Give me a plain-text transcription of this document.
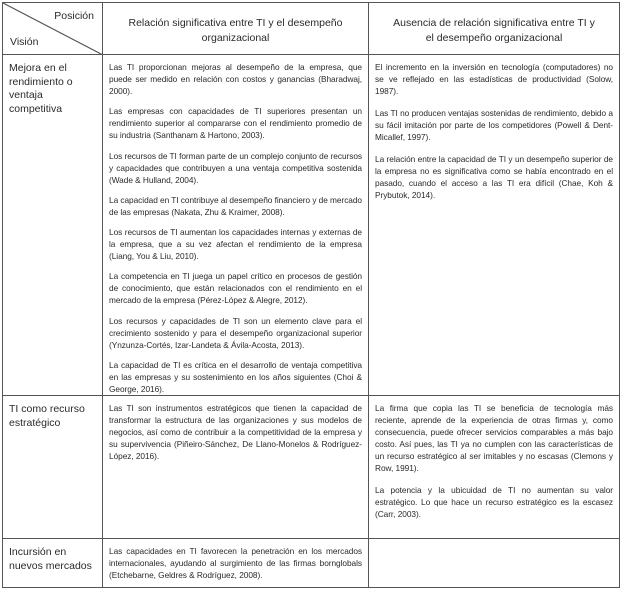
Posición
Visión
Relación significativa entre TI y el desempeño organizacional
Ausencia de relación significativa entre TI y el desempeño organizacional
Mejora en el rendimiento o ventaja competitiva

Las TI proporcionan mejoras al desempeño de la empresa, que puede ser medido en relación con costos y ganancias (Bharadwaj, 2000).

Las empresas con capacidades de TI superiores presentan un rendimiento superior al compararse con el rendimiento promedio de su industria (Santhanam & Hartono, 2003).

Los recursos de TI forman parte de un complejo conjunto de recursos y capacidades que contribuyen a una ventaja competitiva sostenida (Wade & Hulland, 2004).

La capacidad en TI contribuye al desempeño financiero y de mercado de las empresas (Nakata, Zhu & Kraimer, 2008).

Los recursos de TI aumentan los capacidades internas y externas de la empresa, que a su vez afectan el rendimiento de la empresa (Liang, You & Liu, 2010).

La competencia en TI juega un papel crítico en procesos de gestión de conocimiento, que están relacionados con el rendimiento en el mercado de la empresa (Pérez-López & Alegre, 2012).

Los recursos y capacidades de TI son un elemento clave para el crecimiento sostenido y para el desempeño organizacional superior (Ynzunza-Cortés, Izar-Landeta & Ávila-Acosta, 2013).

La capacidad de TI es crítica en el desarrollo de ventaja competitiva en las empresas y su sostenimiento en los años siguientes (Choi & George, 2016).

El incremento en la inversión en tecnología (computadores) no se ve reflejado en las estadísticas de productividad (Solow, 1987).

Las TI no producen ventajas sostenidas de rendimiento, debido a su fácil imitación por parte de los competidores (Powell & Dent-Micallef, 1997).

La relación entre la capacidad de TI y un desempeño superior de la empresa no es significativa como se había encontrado en el pasado, cuando el acceso a las TI era difícil (Chae, Koh & Prybutok, 2014).

TI como recurso estratégico

Las TI son instrumentos estratégicos que tienen la capacidad de transformar la estructura de las organizaciones y sus modelos de negocios, así como de contribuir a la competitividad de la empresa y su supervivencia (Piñeiro-Sánchez, De Llano-Monelos & Rodríguez-López, 2016).

La firma que copia las TI se beneficia de tecnología más reciente, aprende de la experiencia de otras firmas y, como consecuencia, puede ofrecer servicios comparables a más bajo costo. Así pues, las TI ya no cumplen con las características de un recurso estratégico al ser imitables y no escasas (Clemons y Row, 1991).

La potencia y la ubicuidad de TI no aumentan su valor estratégico. Lo que hace un recurso estratégico es la escasez (Carr, 2003).

Incursión en nuevos mercados

Las capacidades en TI favorecen la penetración en los mercados internacionales, ayudando al surgimiento de las firmas bornglobals (Etchebarne, Geldres & Rodríguez, 2008).
